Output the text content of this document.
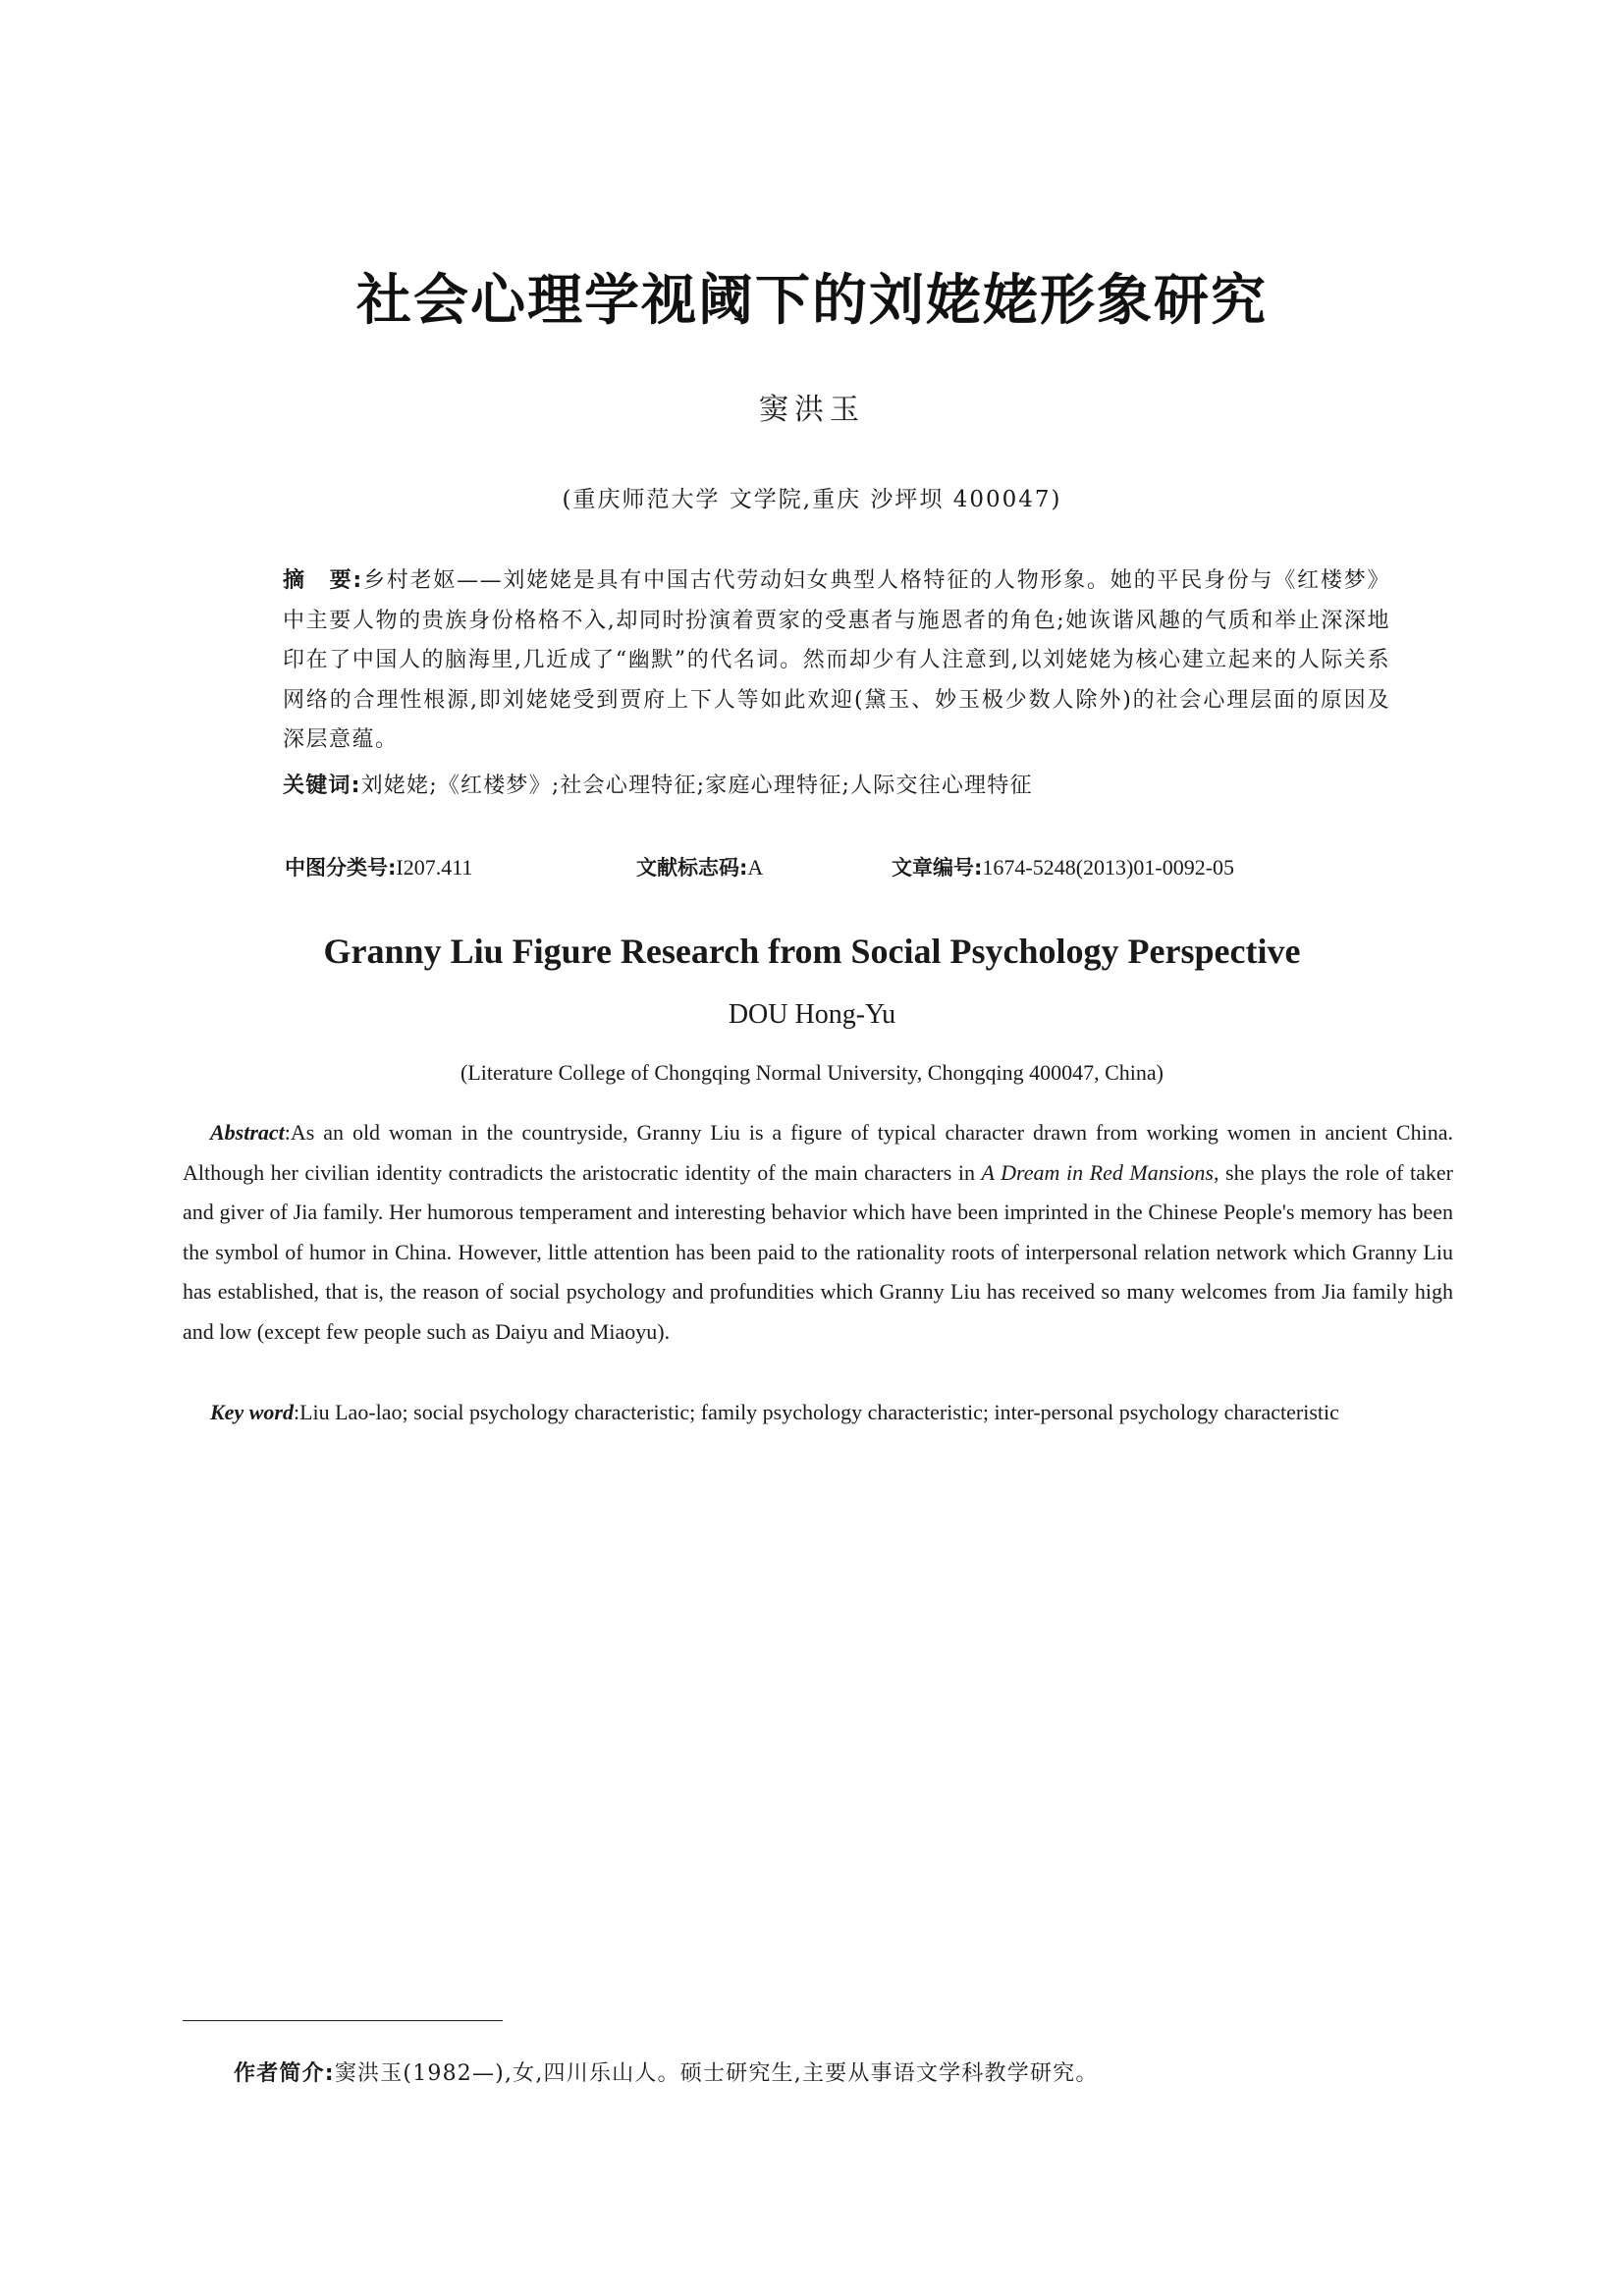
社会心理学视阈下的刘姥姥形象研究
窦洪玉
(重庆师范大学 文学院,重庆 沙坪坝 400047)
摘　要:乡村老妪——刘姥姥是具有中国古代劳动妇女典型人格特征的人物形象。她的平民身份与《红楼梦》中主要人物的贵族身份格格不入,却同时扮演着贾家的受惠者与施恩者的角色;她诙谐风趣的气质和举止深深地印在了中国人的脑海里,几近成了“幽默”的代名词。然而却少有人注意到,以刘姥姥为核心建立起来的人际关系网络的合理性根源,即刘姥姥受到贾府上下人等如此欢迎(黛玉、妙玉极少数人除外)的社会心理层面的原因及深层意蕴。
关键词:刘姥姥;《红楼梦》;社会心理特征;家庭心理特征;人际交往心理特征
中图分类号:I207.411	文献标志码:A	文章编号:1674-5248(2013)01-0092-05
Granny Liu Figure Research from Social Psychology Perspective
DOU Hong-Yu
(Literature College of Chongqing Normal University, Chongqing 400047, China)
Abstract:As an old woman in the countryside, Granny Liu is a figure of typical character drawn from working women in ancient China. Although her civilian identity contradicts the aristocratic identity of the main characters in A Dream in Red Mansions, she plays the role of taker and giver of Jia family. Her humorous temperament and interesting behavior which have been imprinted in the Chinese People's memory has been the symbol of humor in China. However, little attention has been paid to the rationality roots of interpersonal relation network which Granny Liu has established, that is, the reason of social psychology and profundities which Granny Liu has received so many welcomes from Jia family high and low (except few people such as Daiyu and Miaoyu).
Key word:Liu Lao-lao; social psychology characteristic; family psychology characteristic; inter-personal psychology characteristic
作者简介:窦洪玉(1982—),女,四川乐山人。硕士研究生,主要从事语文学科教学研究。
